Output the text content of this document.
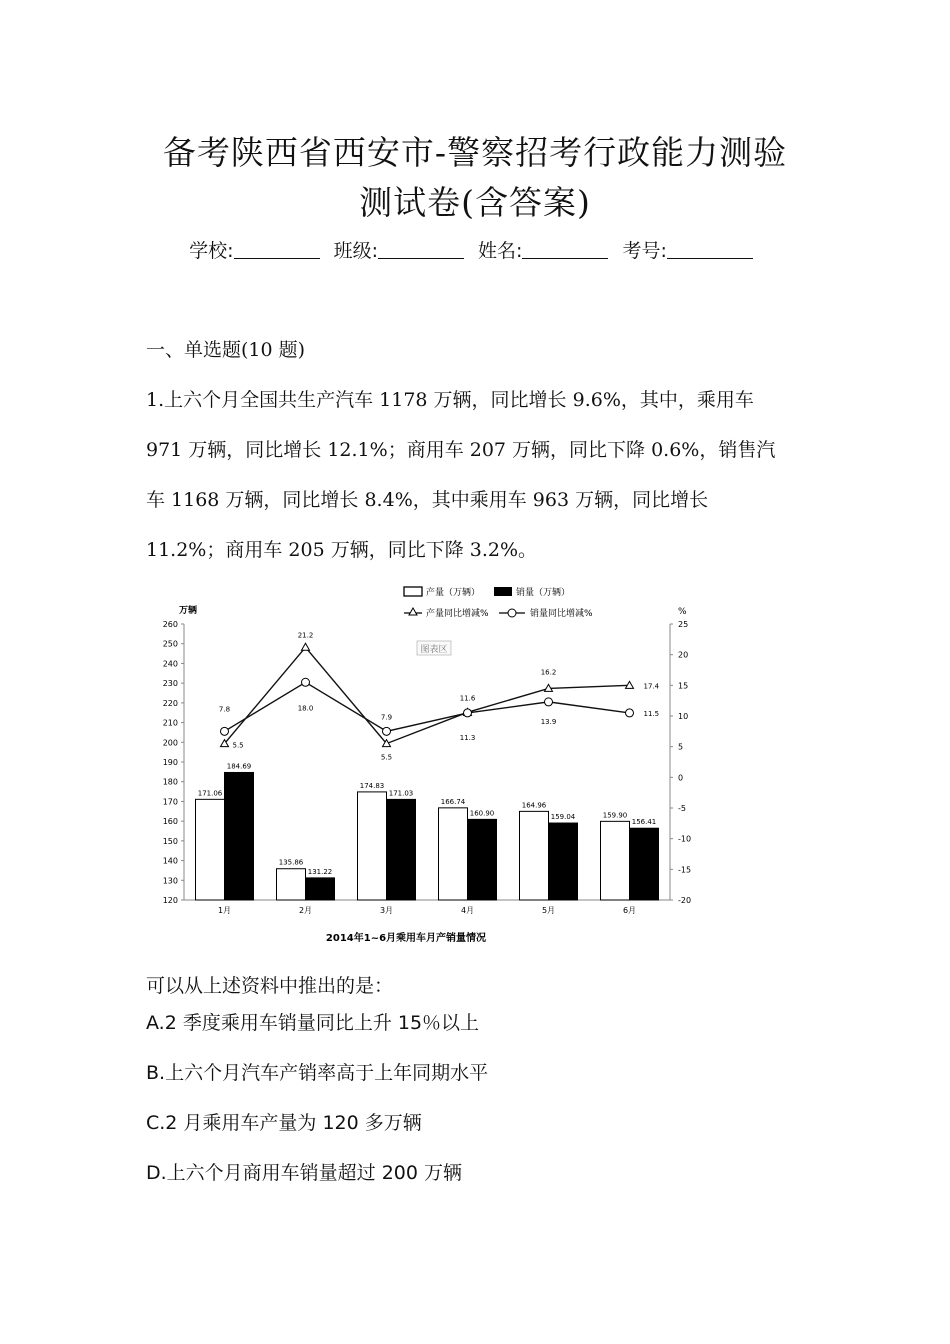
备考陕西省西安市-警察招考行政能力测验
测试卷(含答案)
学校:	班级:	姓名:	考号:
一、单选题(10 题)
1.上六个月全国共生产汽车 1178 万辆，同比增长 9.6%，其中，乘用车
971 万辆，同比增长 12.1%；商用车 207 万辆，同比下降 0.6%，销售汽
车 1168 万辆，同比增长 8.4%，其中乘用车 963 万辆，同比增长
11.2%；商用车 205 万辆，同比下降 3.2%。
产量（万辆）	销量（万辆）
产量同比增减%	销量同比增减%
万辆	%
图表区
2014年1~6月乘用车月产销量情况
120
130
140
150
160
170
180
190
200
210
220
230
240
250
260
-20
-15
-10
-5
0
5
10
15
20
25
1月
171.06
184.69
2月
135.86
131.22
3月
174.83
171.03
4月
166.74
160.90
5月
164.96
159.04
6月
159.90
156.41
5.5
21.2
5.5
11.6
16.2
17.4
7.8	18.0
7.9
11.3
13.9
11.5
可以从上述资料中推出的是：
A.2 季度乘用车销量同比上升 15％以上
B.上六个月汽车产销率高于上年同期水平
C.2 月乘用车产量为 120 多万辆
D.上六个月商用车销量超过 200 万辆
